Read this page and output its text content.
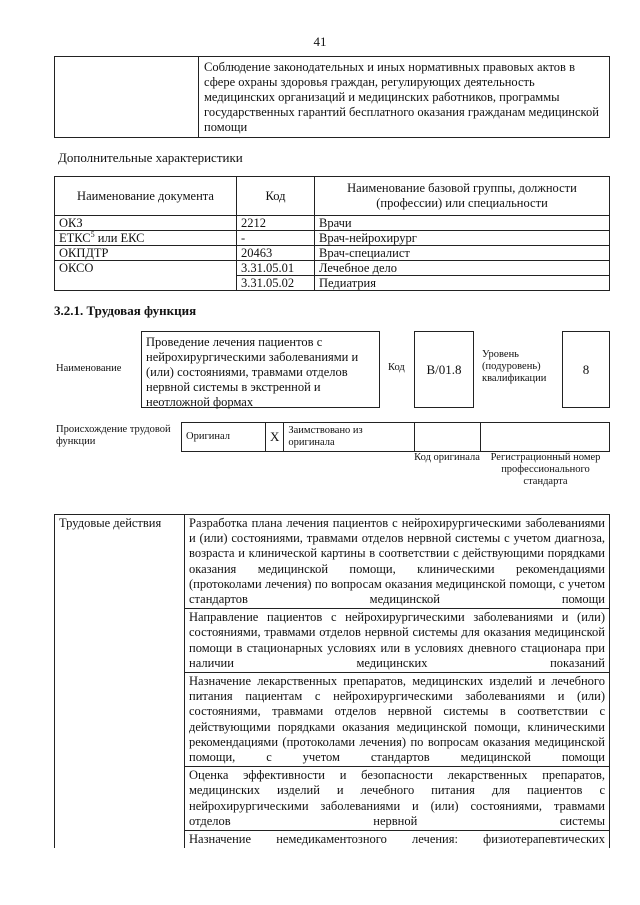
41
	Соблюдение законодательных и иных нормативных правовых актов в сфере охраны здоровья граждан, регулирующих деятельность медицинских организаций и медицинских работников, программы государственных гарантий бесплатного оказания гражданам медицинской помощи
Дополнительные характеристики
Наименование документа	Код	Наименование базовой группы, должности (профессии) или специальности
ОКЗ	2212	Врачи
ЕТКС$^5$ или ЕКС	-	Врач-нейрохирург
ОКПДТР	20463	Врач-специалист
ОКСО	3.31.05.01	Лечебное дело
	3.31.05.02	Педиатрия
3.2.1. Трудовая функция
Наименование
Проведение лечения пациентов с нейрохирургическими заболеваниями и (или) состояниями, травмами отделов нервной системы в экстренной и неотложной формах
Код	В/01.8
Уровень (подуровень) квалификации
8
Происхождение трудовой функции	Оригинал	X	Заимствовано из оригинала		
Код оригинала	Регистрационный номер профессионального стандарта
Трудовые действия	Разработка плана лечения пациентов с нейрохирургическими заболеваниями и (или) состояниями, травмами отделов нервной системы с учетом диагноза, возраста и клинической картины в соответствии с действующими порядками оказания медицинской помощи, клиническими рекомендациями (протоколами лечения) по вопросам оказания медицинской помощи, с учетом стандартов медицинской помощи
Направление пациентов с нейрохирургическими заболеваниями и (или) состояниями, травмами отделов нервной системы для оказания медицинской помощи в стационарных условиях или в условиях дневного стационара при наличии медицинских показаний
Назначение лекарственных препаратов, медицинских изделий и лечебного питания пациентам с нейрохирургическими заболеваниями и (или) состояниями, травмами отделов нервной системы в соответствии с действующими порядками оказания медицинской помощи, клиническими рекомендациями (протоколами лечения) по вопросам оказания медицинской помощи, с учетом стандартов медицинской помощи
Оценка эффективности и безопасности лекарственных препаратов, медицинских изделий и лечебного питания для пациентов с нейрохирургическими заболеваниями и (или) состояниями, травмами отделов нервной системы
Назначение немедикаментозного лечения: физиотерапевтических
